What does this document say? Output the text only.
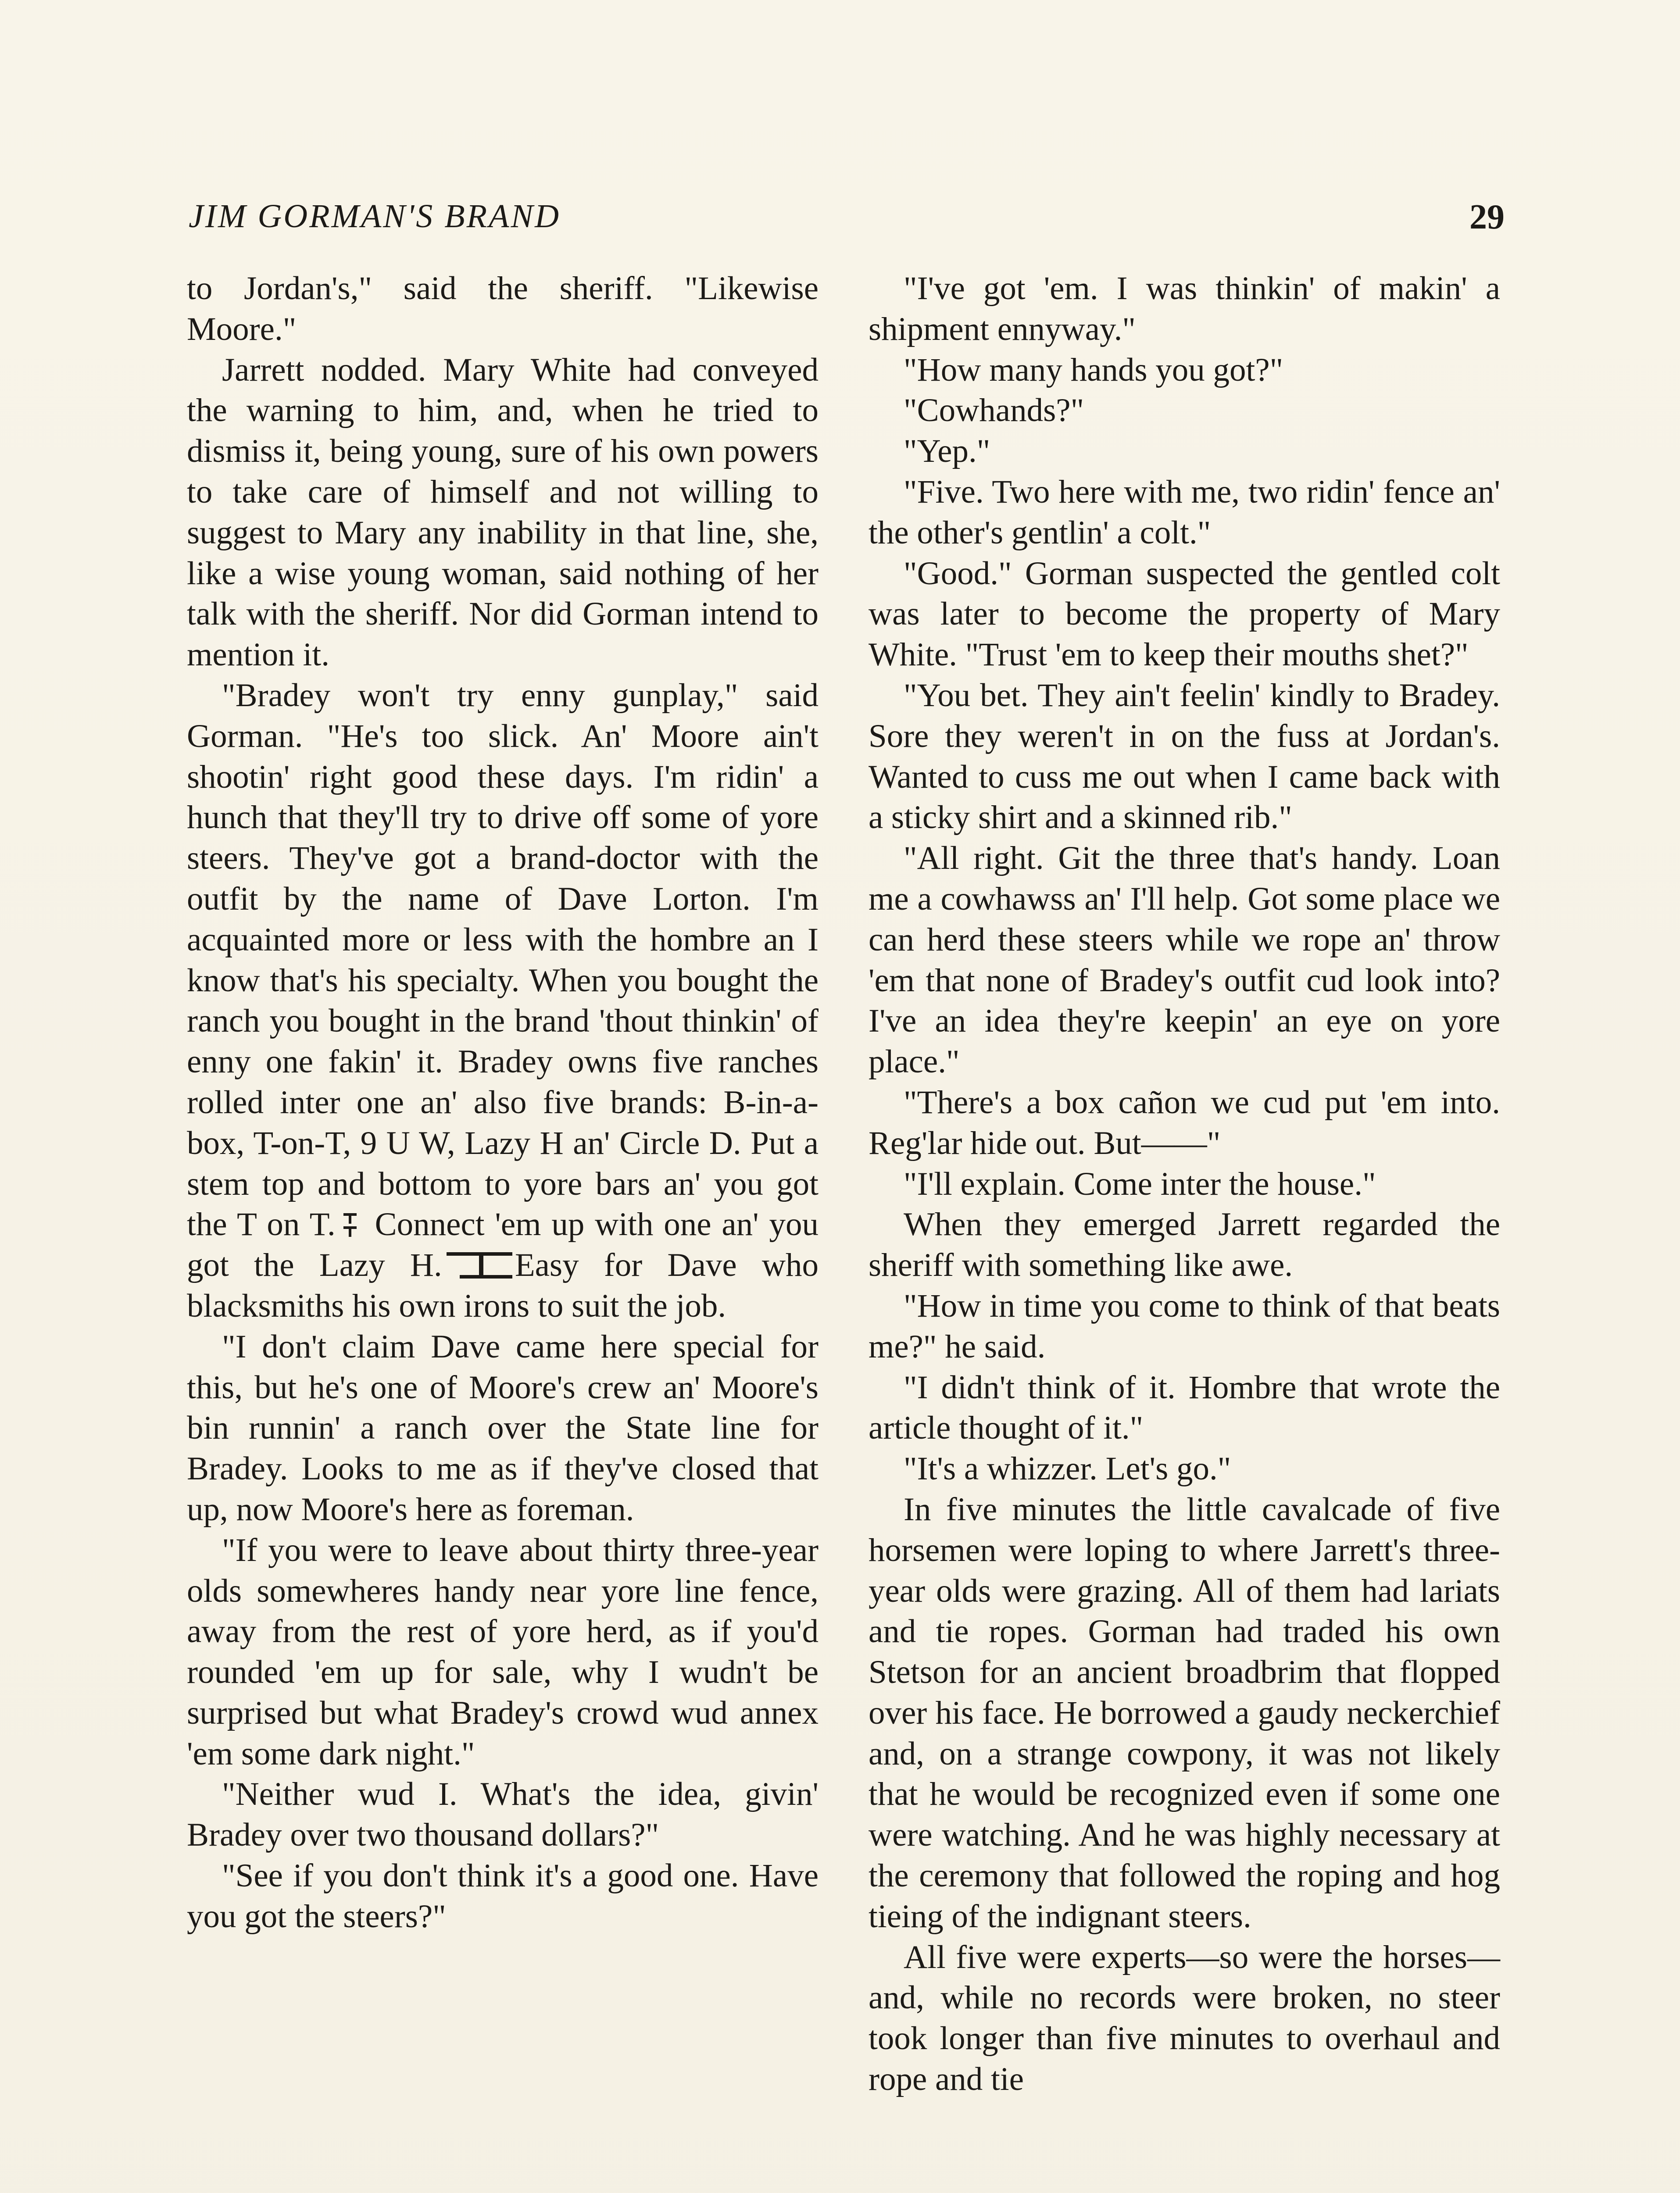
JIM GORMAN'S BRAND	29

to Jordan's," said the sheriff. "Likewise Moore."

Jarrett nodded. Mary White had conveyed the warning to him, and, when he tried to dismiss it, being young, sure of his own powers to take care of himself and not willing to suggest to Mary any inability in that line, she, like a wise young woman, said nothing of her talk with the sheriff. Nor did Gorman intend to mention it.

"Bradey won't try enny gunplay," said Gorman. "He's too slick. An' Moore ain't shootin' right good these days. I'm ridin' a hunch that they'll try to drive off some of yore steers. They've got a brand-doctor with the outfit by the name of Dave Lorton. I'm acquainted more or less with the hombre an I know that's his specialty. When you bought the ranch you bought in the brand 'thout thinkin' of enny one fakin' it. Bradey owns five ranches rolled inter one an' also five brands: B-in-a-box, T-on-T, 9 U W, Lazy H an' Circle D. Put a stem top and bottom to yore bars an' you got the T on T. Connect 'em up with one an' you got the Lazy H. Easy for Dave who blacksmiths his own irons to suit the job.

"I don't claim Dave came here special for this, but he's one of Moore's crew an' Moore's bin runnin' a ranch over the State line for Bradey. Looks to me as if they've closed that up, now Moore's here as foreman.

"If you were to leave about thirty three-year olds somewheres handy near yore line fence, away from the rest of yore herd, as if you'd rounded 'em up for sale, why I wudn't be surprised but what Bradey's crowd wud annex 'em some dark night."

"Neither wud I. What's the idea, givin' Bradey over two thousand dollars?"

"See if you don't think it's a good one. Have you got the steers?"

"I've got 'em. I was thinkin' of makin' a shipment ennyway."

"How many hands you got?"

"Cowhands?"

"Yep."

"Five. Two here with me, two ridin' fence an' the other's gentlin' a colt."

"Good." Gorman suspected the gentled colt was later to become the property of Mary White. "Trust 'em to keep their mouths shet?"

"You bet. They ain't feelin' kindly to Bradey. Sore they weren't in on the fuss at Jordan's. Wanted to cuss me out when I came back with a sticky shirt and a skinned rib."

"All right. Git the three that's handy. Loan me a cowhawss an' I'll help. Got some place we can herd these steers while we rope an' throw 'em that none of Bradey's outfit cud look into? I've an idea they're keepin' an eye on yore place."

"There's a box cañon we cud put 'em into. Reg'lar hide out. But——"

"I'll explain. Come inter the house."

When they emerged Jarrett regarded the sheriff with something like awe.

"How in time you come to think of that beats me?" he said.

"I didn't think of it. Hombre that wrote the article thought of it."

"It's a whizzer. Let's go."

In five minutes the little cavalcade of five horsemen were loping to where Jarrett's three-year olds were grazing. All of them had lariats and tie ropes. Gorman had traded his own Stetson for an ancient broadbrim that flopped over his face. He borrowed a gaudy neckerchief and, on a strange cowpony, it was not likely that he would be recognized even if some one were watching. And he was highly necessary at the ceremony that followed the roping and hog tieing of the indignant steers.

All five were experts—so were the horses—and, while no records were broken, no steer took longer than five minutes to overhaul and rope and tie
